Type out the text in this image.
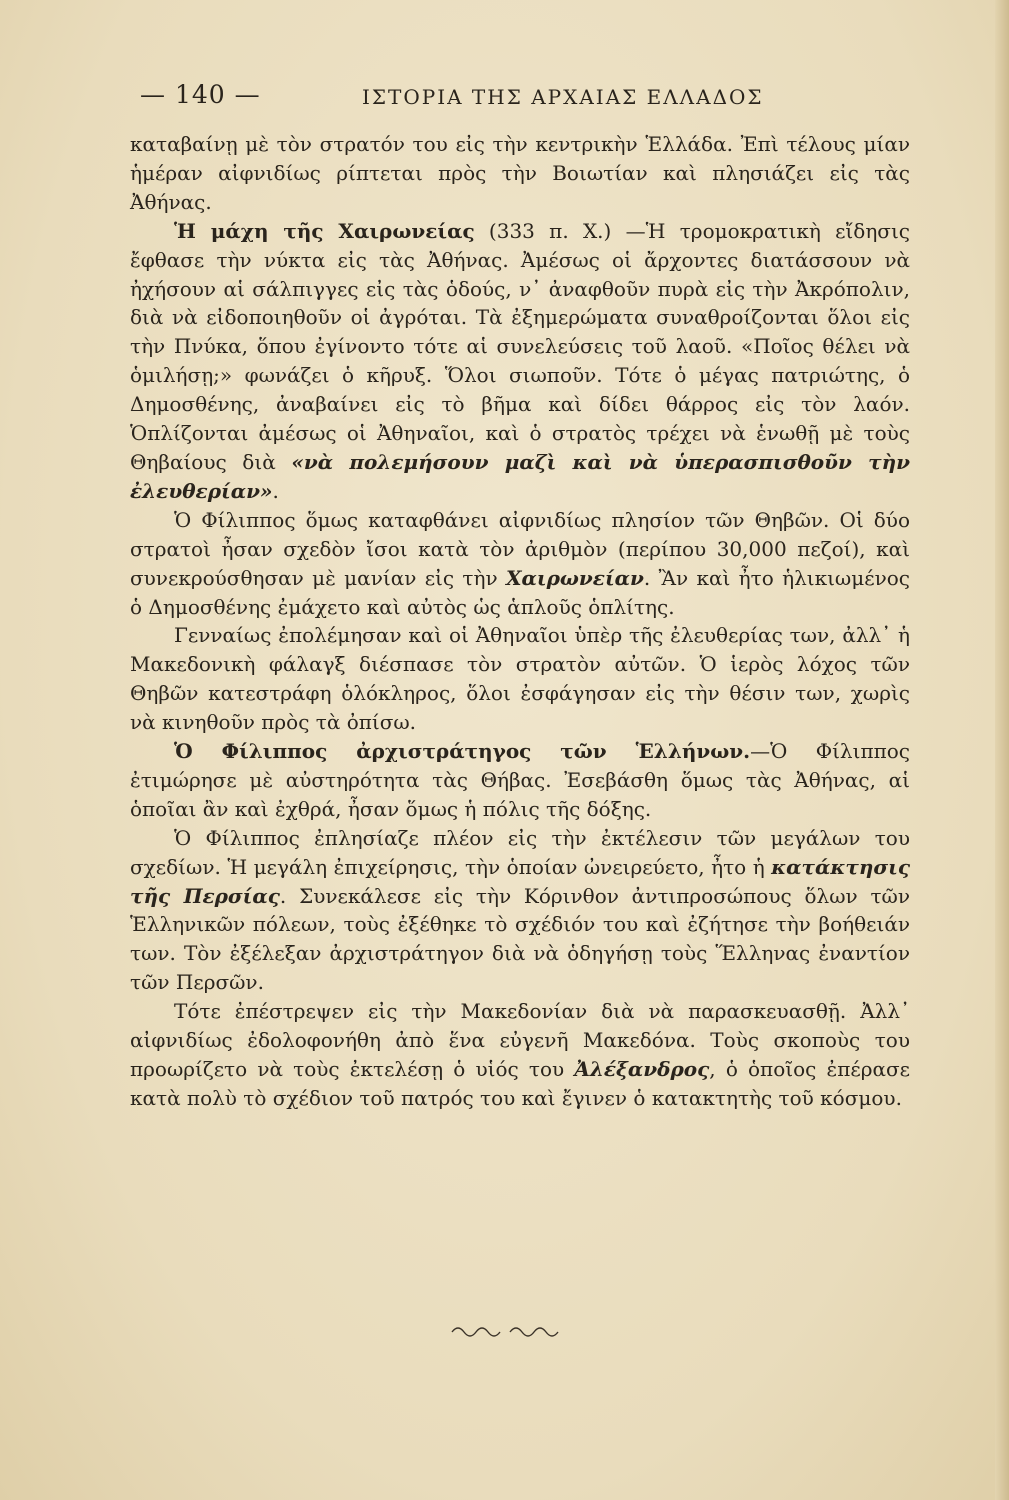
— 140 —	ΙΣΤΟΡΙΑ ΤΗΣ ΑΡΧΑΙΑΣ ΕΛΛΑΔΟΣ

καταβαίνῃ μὲ τὸν στρατόν του εἰς τὴν κεντρικὴν Ἑλλάδα. Ἐπὶ τέλους μίαν ἡμέραν αἰφνιδίως ρίπτεται πρὸς τὴν Βοιωτίαν καὶ πλησιάζει εἰς τὰς Ἀθήνας.

Ἡ μάχη τῆς Χαιρωνείας (333 π. Χ.) —Ἡ τρομοκρατικὴ εἴδησις ἔφθασε τὴν νύκτα εἰς τὰς Ἀθήνας. Ἀμέσως οἱ ἄρχοντες διατάσσουν νὰ ἠχήσουν αἱ σάλπιγγες εἰς τὰς ὁδούς, ν᾽ ἀναφθοῦν πυρὰ εἰς τὴν Ἀκρόπολιν, διὰ νὰ εἰδοποιηθοῦν οἱ ἀγρόται. Τὰ ἐξημερώματα συναθροίζονται ὅλοι εἰς τὴν Πνύκα, ὅπου ἐγίνοντο τότε αἱ συνελεύσεις τοῦ λαοῦ. «Ποῖος θέλει νὰ ὁμιλήσῃ;» φωνάζει ὁ κῆρυξ. Ὅλοι σιωποῦν. Τότε ὁ μέγας πατριώτης, ὁ Δημοσθένης, ἀναβαίνει εἰς τὸ βῆμα καὶ δίδει θάρρος εἰς τὸν λαόν. Ὁπλίζονται ἀμέσως οἱ Ἀθηναῖοι, καὶ ὁ στρατὸς τρέχει νὰ ἑνωθῇ μὲ τοὺς Θηβαίους διὰ «νὰ πολεμήσουν μαζὶ καὶ νὰ ὑπερασπισθοῦν τὴν ἐλευθερίαν».

Ὁ Φίλιππος ὅμως καταφθάνει αἰφνιδίως πλησίον τῶν Θηβῶν. Οἱ δύο στρατοὶ ἦσαν σχεδὸν ἴσοι κατὰ τὸν ἀριθμὸν (περίπου 30,000 πεζοί), καὶ συνεκρούσθησαν μὲ μανίαν εἰς τὴν Χαιρωνείαν. Ἂν καὶ ἦτο ἡλικιωμένος ὁ Δημοσθένης ἐμάχετο καὶ αὐτὸς ὡς ἁπλοῦς ὁπλίτης.

Γενναίως ἐπολέμησαν καὶ οἱ Ἀθηναῖοι ὑπὲρ τῆς ἐλευθερίας των, ἀλλ᾽ ἡ Μακεδονικὴ φάλαγξ διέσπασε τὸν στρατὸν αὐτῶν. Ὁ ἱερὸς λόχος τῶν Θηβῶν κατεστράφη ὁλόκληρος, ὅλοι ἐσφάγησαν εἰς τὴν θέσιν των, χωρὶς νὰ κινηθοῦν πρὸς τὰ ὀπίσω.

Ὁ Φίλιππος ἀρχιστράτηγος τῶν Ἑλλήνων.—Ὁ Φίλιππος ἐτιμώρησε μὲ αὐστηρότητα τὰς Θήβας. Ἐσεβάσθη ὅμως τὰς Ἀθήνας, αἱ ὁποῖαι ἂν καὶ ἐχθρά, ἦσαν ὅμως ἡ πόλις τῆς δόξης.

Ὁ Φίλιππος ἐπλησίαζε πλέον εἰς τὴν ἐκτέλεσιν τῶν μεγάλων του σχεδίων. Ἡ μεγάλη ἐπιχείρησις, τὴν ὁποίαν ὠνειρεύετο, ἦτο ἡ κατάκτησις τῆς Περσίας. Συνεκάλεσε εἰς τὴν Κόρινθον ἀντιπροσώπους ὅλων τῶν Ἑλληνικῶν πόλεων, τοὺς ἐξέθηκε τὸ σχέδιόν του καὶ ἐζήτησε τὴν βοήθειάν των. Τὸν ἐξέλεξαν ἀρχιστράτηγον διὰ νὰ ὁδηγήσῃ τοὺς Ἕλληνας ἐναντίον τῶν Περσῶν.

Τότε ἐπέστρεψεν εἰς τὴν Μακεδονίαν διὰ νὰ παρασκευασθῇ. Ἀλλ᾽ αἰφνιδίως ἐδολοφονήθη ἀπὸ ἕνα εὐγενῆ Μακεδόνα. Τοὺς σκοποὺς του προωρίζετο νὰ τοὺς ἐκτελέσῃ ὁ υἱός του Ἀλέξανδρος, ὁ ὁποῖος ἐπέρασε κατὰ πολὺ τὸ σχέδιον τοῦ πατρός του καὶ ἔγινεν ὁ κατακτητὴς τοῦ κόσμου.
